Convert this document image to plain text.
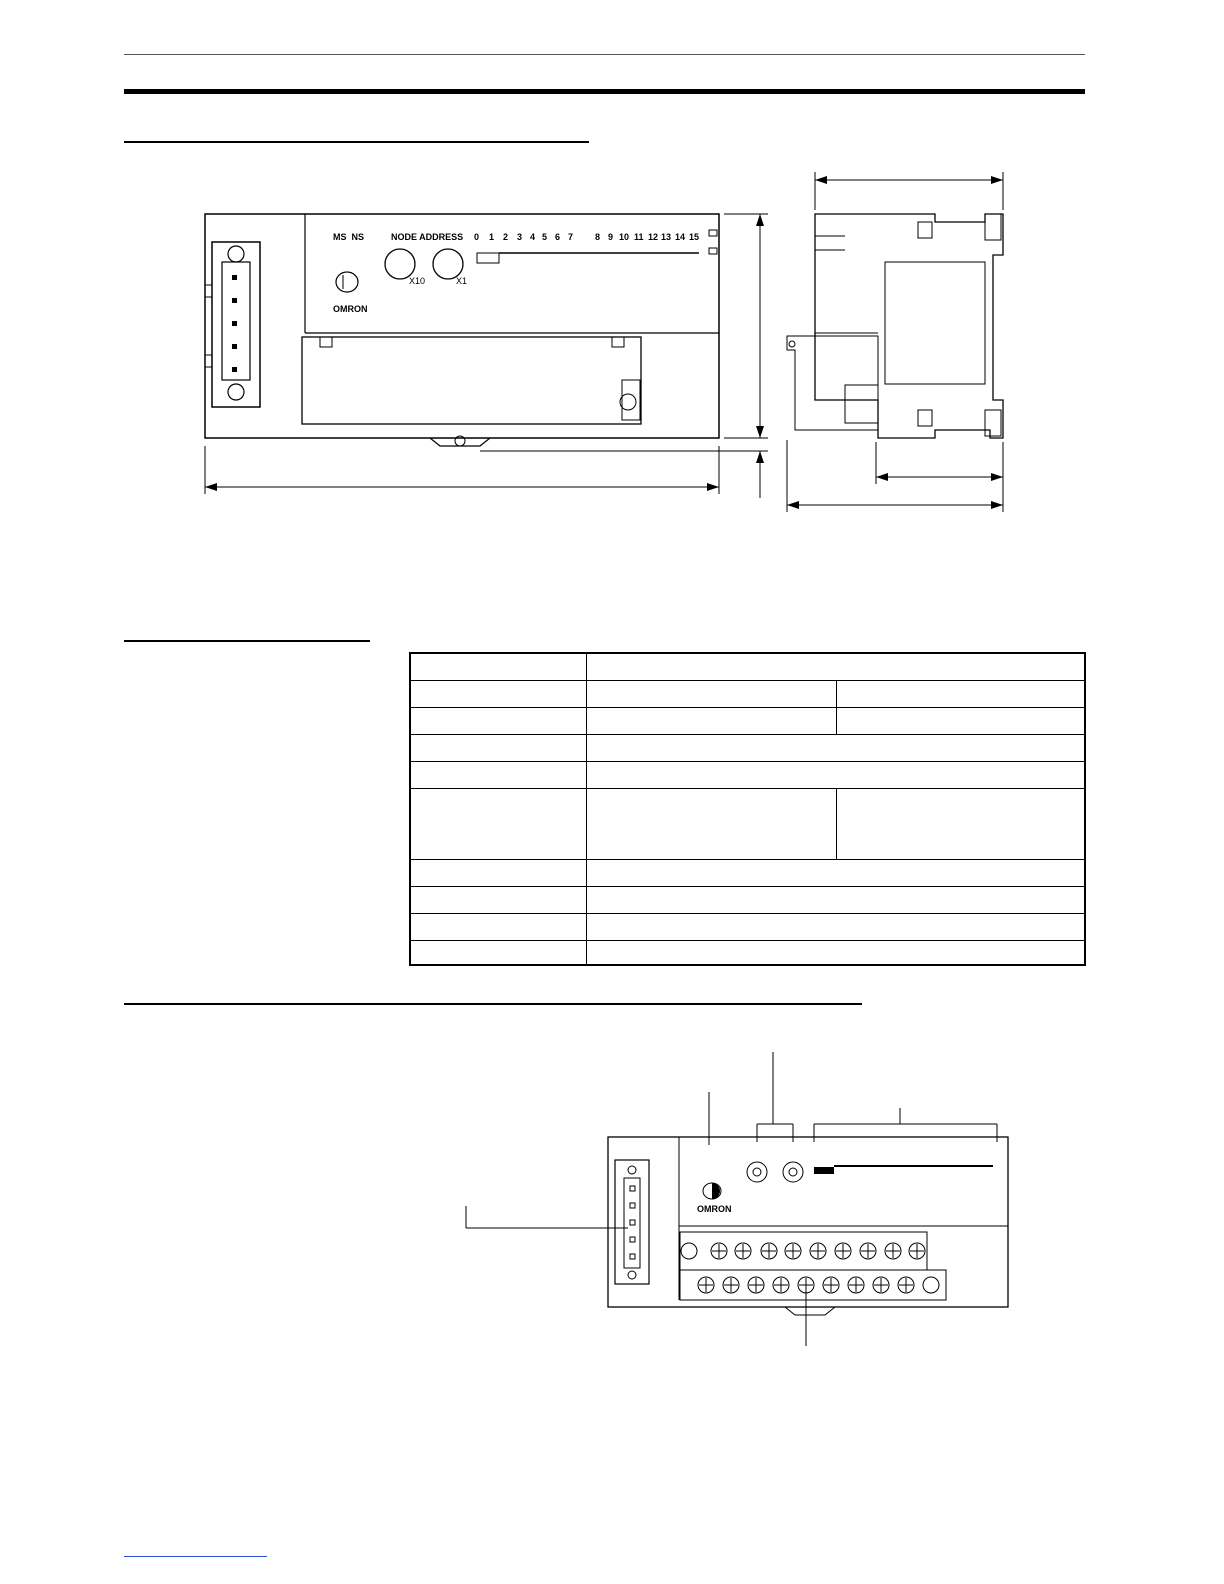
MS  NS	NODE ADDRESS
X10	X1
OMRON
0 1 2 3 4 5 6 7 8 9 10 11 12 13 14 15
OMRON
